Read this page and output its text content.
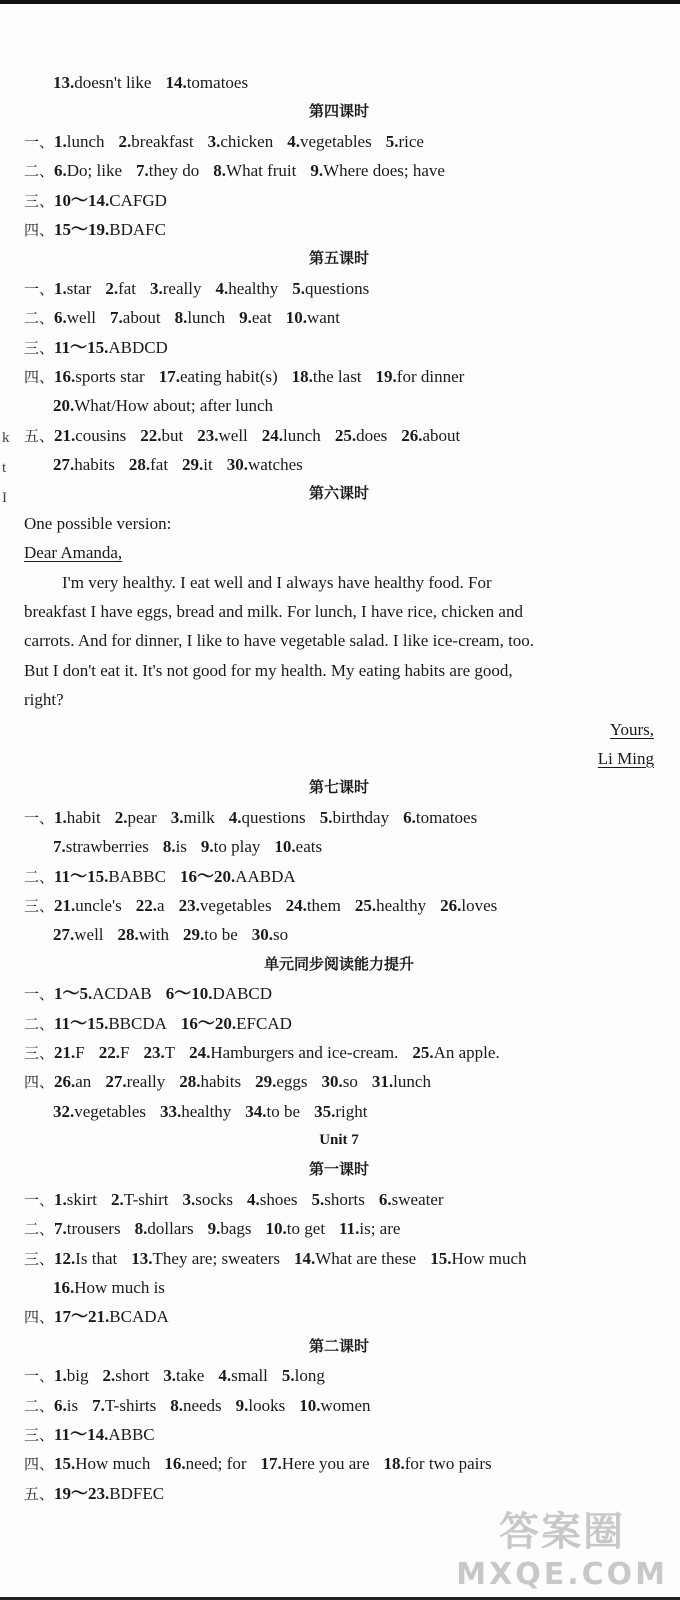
13.doesn't like 14.tomatoes
第四课时
一、1.lunch 2.breakfast 3.chicken 4.vegetables 5.rice
二、6.Do; like 7.they do 8.What fruit 9.Where does; have
三、10～14.CAFGD
四、15～19.BDAFC
第五课时
一、1.star 2.fat 3.really 4.healthy 5.questions
二、6.well 7.about 8.lunch 9.eat 10.want
三、11～15.ABDCD
四、16.sports star 17.eating habit(s) 18.the last 19.for dinner
20.What/How about; after lunch
五、21.cousins 22.but 23.well 24.lunch 25.does 26.about
27.habits 28.fat 29.it 30.watches
第六课时
One possible version:
Dear Amanda,
I'm very healthy. I eat well and I always have healthy food. For
breakfast I have eggs, bread and milk. For lunch, I have rice, chicken and
carrots. And for dinner, I like to have vegetable salad. I like ice-cream, too.
But I don't eat it. It's not good for my health. My eating habits are good,
right?
Yours,
Li Ming
第七课时
一、1.habit 2.pear 3.milk 4.questions 5.birthday 6.tomatoes
7.strawberries 8.is 9.to play 10.eats
二、11～15.BABBC 16～20.AABDA
三、21.uncle's 22.a 23.vegetables 24.them 25.healthy 26.loves
27.well 28.with 29.to be 30.so
单元同步阅读能力提升
一、1～5.ACDAB 6～10.DABCD
二、11～15.BBCDA 16～20.EFCAD
三、21.F 22.F 23.T 24.Hamburgers and ice-cream. 25.An apple.
四、26.an 27.really 28.habits 29.eggs 30.so 31.lunch
32.vegetables 33.healthy 34.to be 35.right
Unit 7
第一课时
一、1.skirt 2.T-shirt 3.socks 4.shoes 5.shorts 6.sweater
二、7.trousers 8.dollars 9.bags 10.to get 11.is; are
三、12.Is that 13.They are; sweaters 14.What are these 15.How much
16.How much is
四、17～21.BCADA
第二课时
一、1.big 2.short 3.take 4.small 5.long
二、6.is 7.T-shirts 8.needs 9.looks 10.women
三、11～14.ABBC
四、15.How much 16.need; for 17.Here you are 18.for two pairs
五、19～23.BDFEC
k
t
I
答案圈
MXQE.COM
